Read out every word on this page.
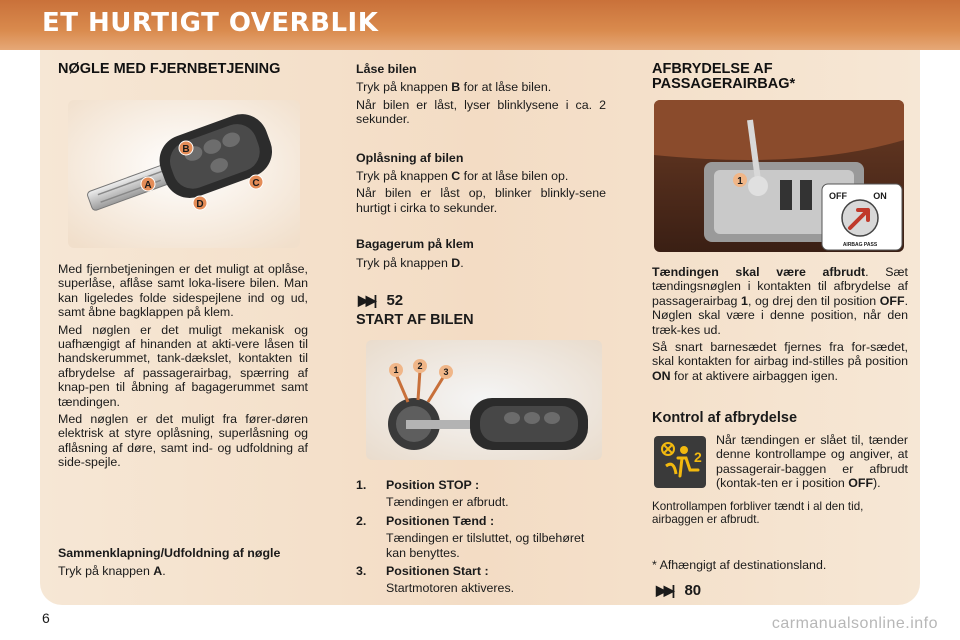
ET HURTIGT OVERBLIK
NØGLE MED FJERNBETJENING
A
B
C
D

Med fjernbetjeningen er det muligt at oplåse, superlåse, aflåse samt loka-lisere bilen. Man kan ligeledes folde sidespejlene ind og ud, samt åbne bagklappen på klem.

Med nøglen er det muligt mekanisk og uafhængigt af hinanden at akti-vere låsen til handskerummet, tank-dækslet, kontakten til afbrydelse af passagerairbag, spærring af knap-pen til åbning af bagagerummet samt tændingen.

Med nøglen er det muligt fra fører-døren elektrisk at styre oplåsning, superlåsning og aflåsning af døre, samt ind- og udfoldning af side-spejle.

Sammenklapning/Udfoldning af nøgle
Tryk på knappen A.
Låse bilen

Tryk på knappen B for at låse bilen.

Når bilen er låst, lyser blinklysene i ca. 2 sekunder.

Oplåsning af bilen

Tryk på knappen C for at låse bilen op.

Når bilen er låst op, blinker blinkly-sene hurtigt i cirka to sekunder.

Bagagerum på klem

Tryk på knappen D.

▶▶| 52
START AF BILEN
1 2
3
1.	Position STOP :
Tændingen er afbrudt.
2.	Positionen Tænd :
Tændingen er tilsluttet, og tilbehøret kan benyttes.
3.	Positionen Start :
Startmotoren aktiveres.
AFBRYDELSE AF PASSAGERAIRBAG*
1
OFF	ON
AIRBAG PASS

Tændingen skal være afbrudt. Sæt tændingsnøglen i kontakten til afbrydelse af passagerairbag 1, og drej den til position OFF. Nøglen skal være i denne position, når den træk-kes ud.

Så snart barnesædet fjernes fra for-sædet, skal kontakten for airbag ind-stilles på position ON for at aktivere airbaggen igen.

Kontrol af afbrydelse
2

Når tændingen er slået til, tænder denne kontrollampe og angiver, at passagerair-baggen er afbrudt (kontak-ten er i position OFF).

Kontrollampen forbliver tændt i al den tid, airbaggen er afbrudt.
* Afhængigt af destinationsland.
▶▶| 80
6	carmanualsonline.info
